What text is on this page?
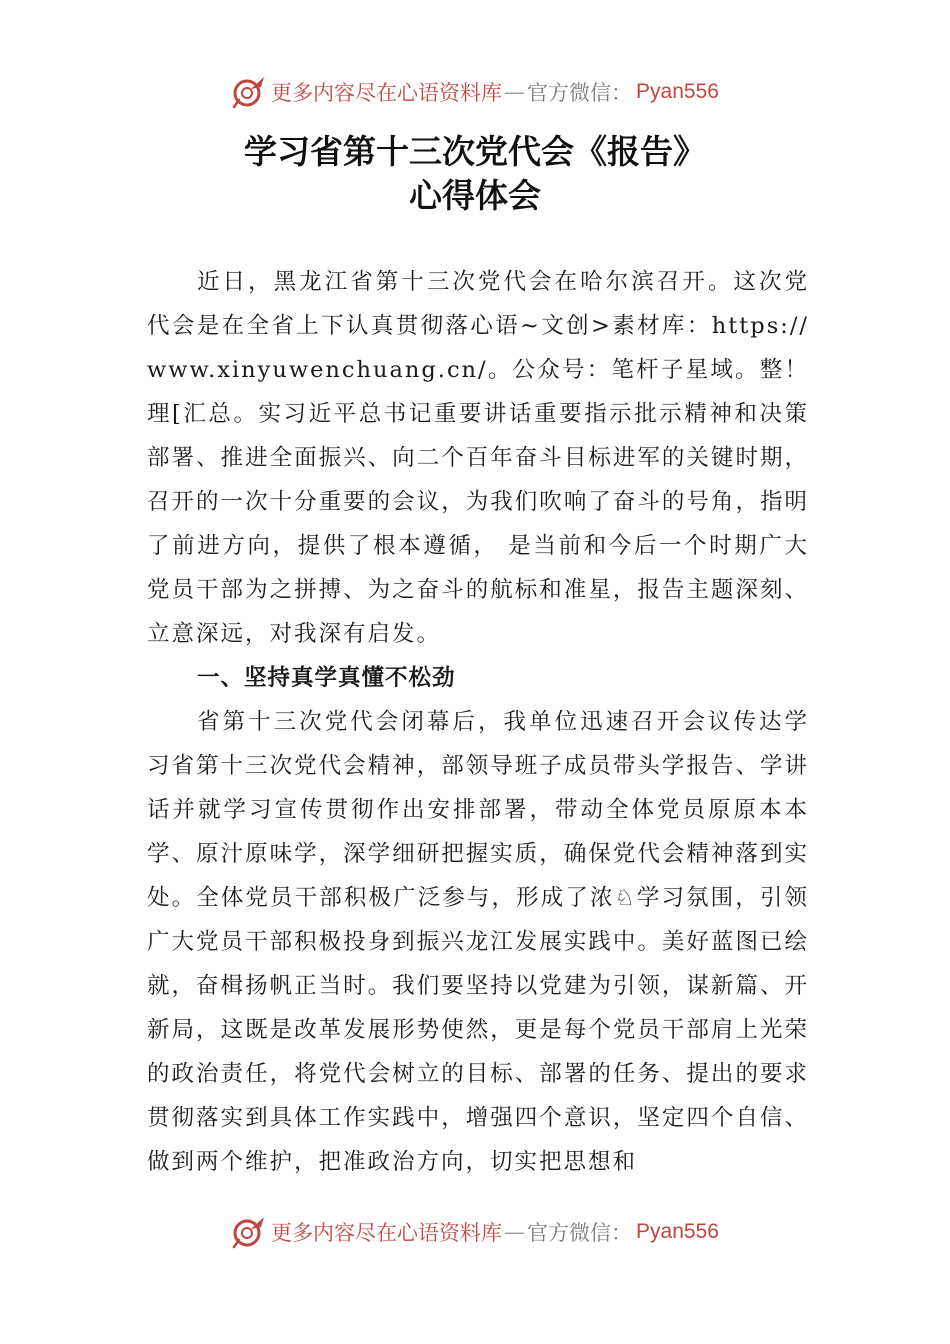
更多内容尽在心语资料库 — 官方微信： Pyan556
学习省第十三次党代会《报告》
心得体会

近日，黑龙江省第十三次党代会在哈尔滨召开。这次党代会是在全省上下认真贯彻落心语~文创>素材库：https://www.xinyuwenchuang.cn/。公众号：笔杆子星域。整！理[汇总。实习近平总书记重要讲话重要指示批示精神和决策部署、推进全面振兴、向二个百年奋斗目标进军的关键时期，召开的一次十分重要的会议，为我们吹响了奋斗的号角，指明了前进方向，提供了根本遵循， 是当前和今后一个时期广大党员干部为之拼搏、为之奋斗的航标和准星，报告主题深刻、立意深远，对我深有启发。

一、坚持真学真懂不松劲

省第十三次党代会闭幕后，我单位迅速召开会议传达学习省第十三次党代会精神，部领导班子成员带头学报告、学讲话并就学习宣传贯彻作出安排部署，带动全体党员原原本本学、原汁原味学，深学细研把握实质，确保党代会精神落到实处。全体党员干部积极广泛参与，形成了浓♘学习氛围，引领广大党员干部积极投身到振兴龙江发展实践中。美好蓝图已绘就，奋楫扬帆正当时。我们要坚持以党建为引领，谋新篇、开新局，这既是改革发展形势使然，更是每个党员干部肩上光荣的政治责任，将党代会树立的目标、部署的任务、提出的要求贯彻落实到具体工作实践中，增强四个意识，坚定四个自信、做到两个维护，把准政治方向，切实把思想和

更多内容尽在心语资料库 — 官方微信： Pyan556
